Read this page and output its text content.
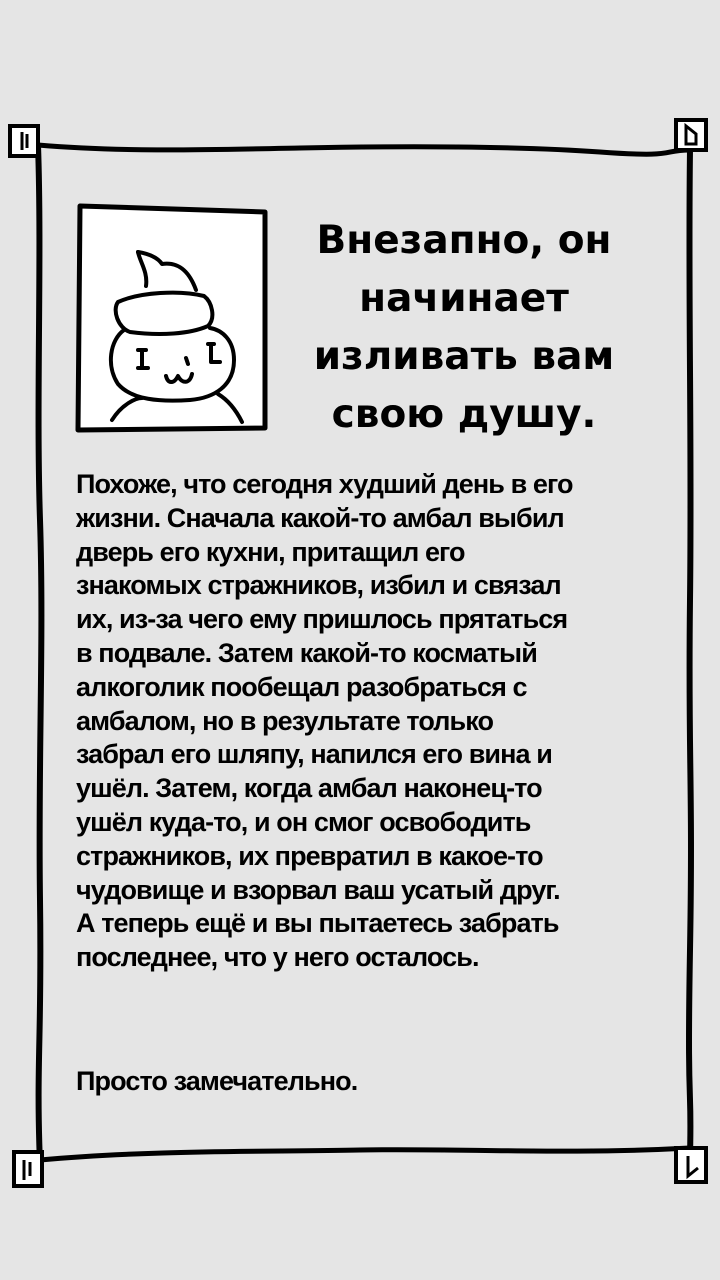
Внезапно, он
начинает
изливать вам
свою душу.
Похоже, что сегодня худший день в его
жизни. Сначала какой-то амбал выбил
дверь его кухни, притащил его
знакомых стражников, избил и связал
их, из-за чего ему пришлось прятаться
в подвале. Затем какой-то косматый
алкоголик пообещал разобраться с
амбалом, но в результате только
забрал его шляпу, напился его вина и
ушёл. Затем, когда амбал наконец-то
ушёл куда-то, и он смог освободить
стражников, их превратил в какое-то
чудовище и взорвал ваш усатый друг.
А теперь ещё и вы пытаетесь забрать
последнее, что у него осталось.
Просто замечательно.
